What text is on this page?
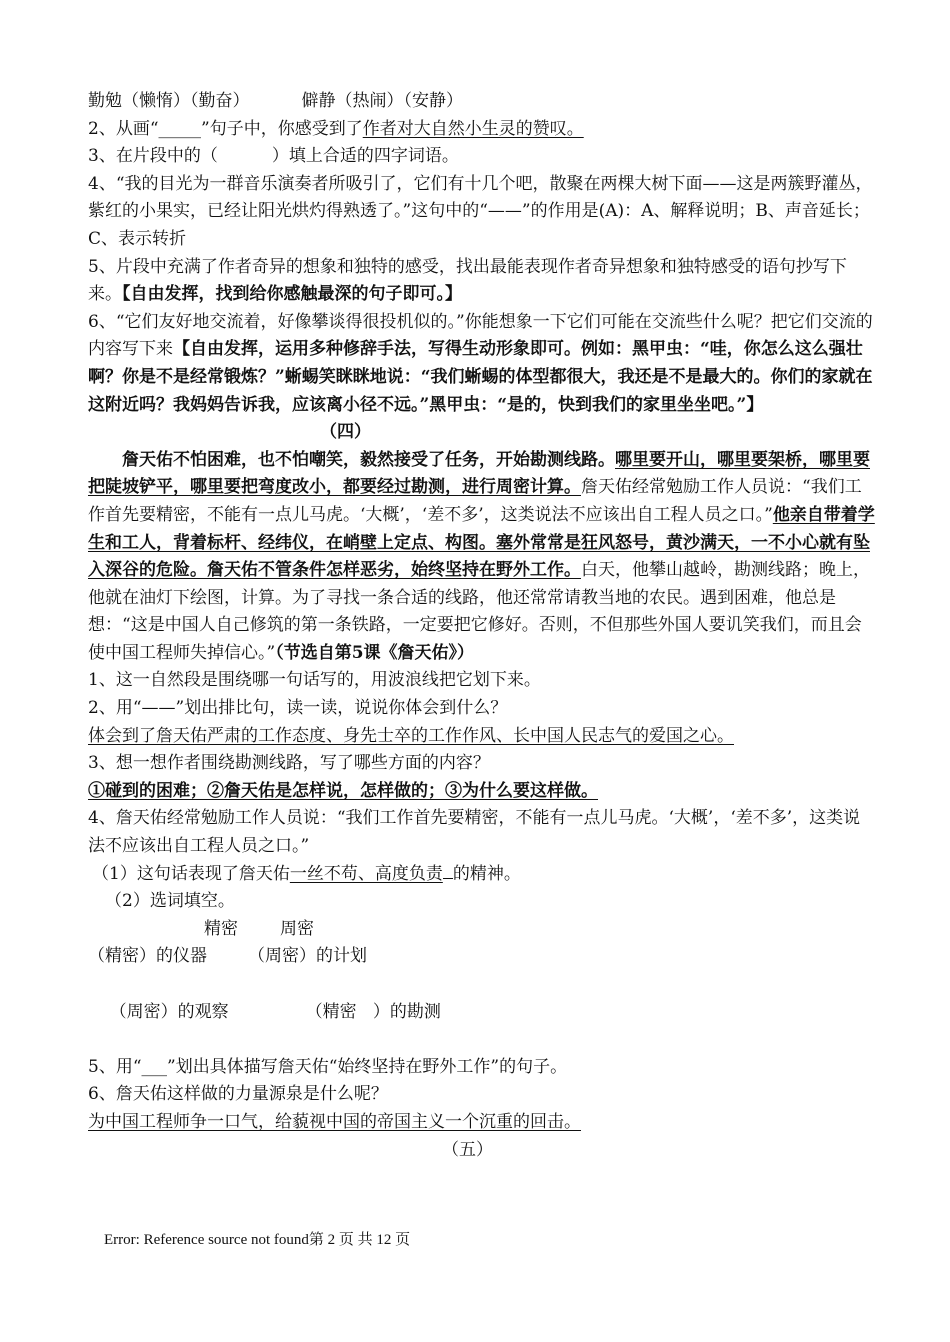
勤勉（懒惰）（勤奋）	僻静（热闹）（安静）
2、从画“_____”句子中，你感受到了作者对大自然小生灵的赞叹。
3、在片段中的（          ）填上合适的四字词语。
4、“我的目光为一群音乐演奏者所吸引了，它们有十几个吧，散聚在两棵大树下面——这是两簇野灌丛，紫红的小果实，已经让阳光烘灼得熟透了。”这句中的“——”的作用是(A)：A、解释说明；B、声音延长；C、表示转折
5、片段中充满了作者奇异的想象和独特的感受，找出最能表现作者奇异想象和独特感受的语句抄写下来。【自由发挥，找到给你感触最深的句子即可。】
6、“它们友好地交流着，好像攀谈得很投机似的。”你能想象一下它们可能在交流些什么呢？把它们交流的内容写下来【自由发挥，运用多种修辞手法，写得生动形象即可。例如：黑甲虫：“哇，你怎么这么强壮啊？你是不是经常锻炼？”蜥蜴笑眯眯地说：“我们蜥蜴的体型都很大，我还是不是最大的。你们的家就在这附近吗？我妈妈告诉我，应该离小径不远。”黑甲虫：“是的，快到我们的家里坐坐吧。”】
（四）
詹天佑不怕困难，也不怕嘲笑，毅然接受了任务，开始勘测线路。哪里要开山，哪里要架桥，哪里要把陡坡铲平，哪里要把弯度改小，都要经过勘测，进行周密计算。詹天佑经常勉励工作人员说：“我们工作首先要精密，不能有一点儿马虎。‘大概’，‘差不多’，这类说法不应该出自工程人员之口。”他亲自带着学生和工人，背着标杆、经纬仪，在峭壁上定点、构图。塞外常常是狂风怒号，黄沙满天，一不小心就有坠入深谷的危险。詹天佑不管条件怎样恶劣，始终坚持在野外工作。白天，他攀山越岭，勘测线路；晚上，他就在油灯下绘图，计算。为了寻找一条合适的线路，他还常常请教当地的农民。遇到困难，他总是想：“这是中国人自己修筑的第一条铁路，一定要把它修好。否则，不但那些外国人要讥笑我们，而且会使中国工程师失掉信心。”（节选自第5课《詹天佑》）
1、这一自然段是围绕哪一句话写的，用波浪线把它划下来。
2、用“——”划出排比句，读一读，说说你体会到什么？
体会到了詹天佑严肃的工作态度、身先士卒的工作作风、长中国人民志气的爱国之心。
3、想一想作者围绕勘测线路，写了哪些方面的内容？
①碰到的困难；②詹天佑是怎样说，怎样做的；③为什么要这样做。
4、詹天佑经常勉励工作人员说：“我们工作首先要精密，不能有一点儿马虎。‘大概’，‘差不多’，这类说法不应该出自工程人员之口。”
（1）这句话表现了詹天佑一丝不苟、高度负责 的精神。
（2）选词填空。
精密 周密
（精密）的仪器 （周密）的计划

（周密）的观察	（精密   ）的勘测

5、用“___”划出具体描写詹天佑“始终坚持在野外工作”的句子。
6、詹天佑这样做的力量源泉是什么呢？
为中国工程师争一口气，给藐视中国的帝国主义一个沉重的回击。
（五）
Error: Reference source not found第 2 页 共 12 页
